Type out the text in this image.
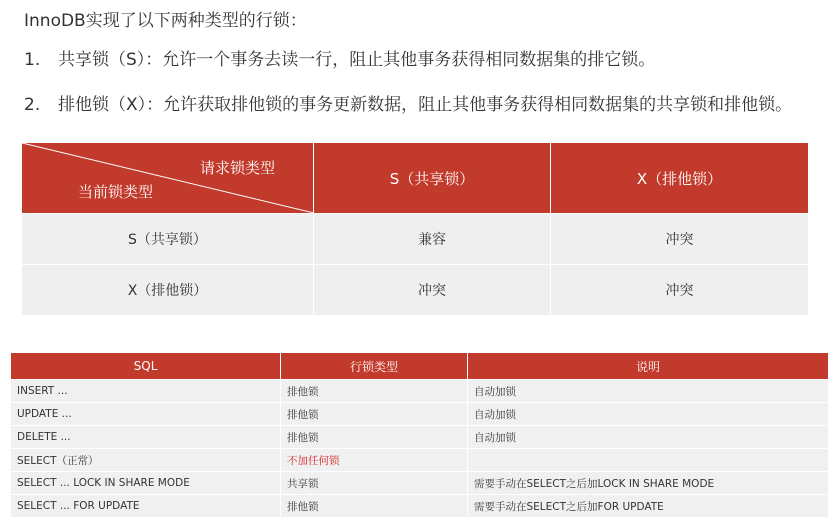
InnoDB实现了以下两种类型的行锁：
1. 共享锁（S）：允许一个事务去读一行，阻止其他事务获得相同数据集的排它锁。
2. 排他锁（X）：允许获取排他锁的事务更新数据，阻止其他事务获得相同数据集的共享锁和排他锁。
请求锁类型
当前锁类型	S（共享锁）	X（排他锁）
S（共享锁）	兼容	冲突
X（排他锁）	冲突	冲突
SQL	行锁类型	说明
INSERT ...	排他锁	自动加锁
UPDATE ...	排他锁	自动加锁
DELETE ...	排他锁	自动加锁
SELECT（正常）	不加任何锁	
SELECT ... LOCK IN SHARE MODE	共享锁	需要手动在SELECT之后加LOCK IN SHARE MODE
SELECT ... FOR UPDATE	排他锁	需要手动在SELECT之后加FOR UPDATE
